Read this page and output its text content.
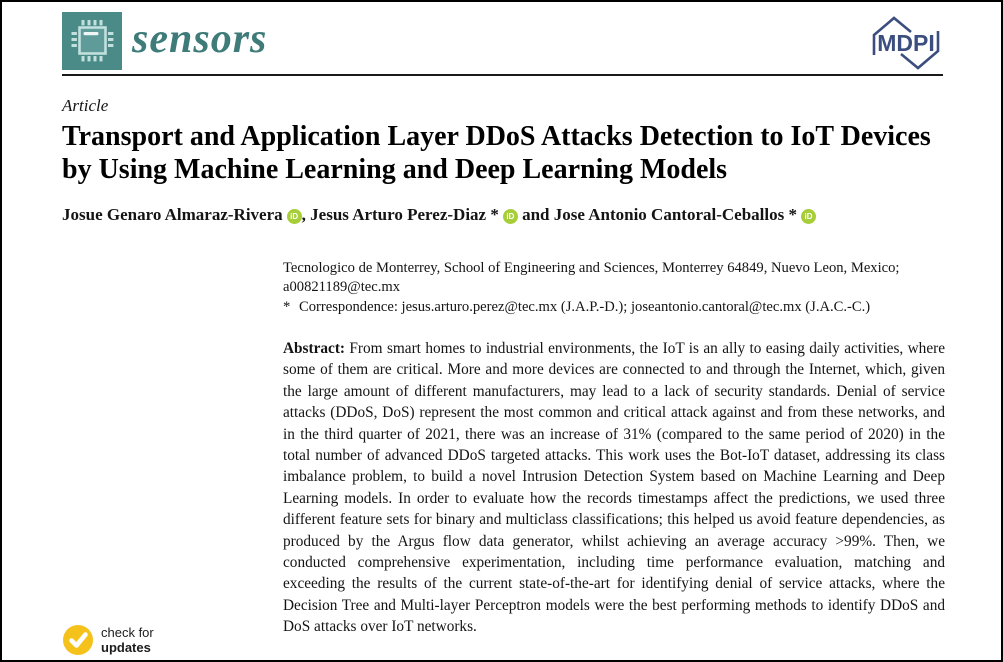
sensors	MDPI
Article
Transport and Application Layer DDoS Attacks Detection to IoT Devices by Using Machine Learning and Deep Learning Models
Josue Genaro Almaraz-Rivera iD , Jesus Arturo Perez-Diaz * iD and Jose Antonio Cantoral-Ceballos * iD
Tecnologico de Monterrey, School of Engineering and Sciences, Monterrey 64849, Nuevo Leon, Mexico;
a00821189@tec.mx
* Correspondence: jesus.arturo.perez@tec.mx (J.A.P.-D.); joseantonio.cantoral@tec.mx (J.A.C.-C.)
Abstract: From smart homes to industrial environments, the IoT is an ally to easing daily activities, where some of them are critical. More and more devices are connected to and through the Internet, which, given the large amount of different manufacturers, may lead to a lack of security standards. Denial of service attacks (DDoS, DoS) represent the most common and critical attack against and from these networks, and in the third quarter of 2021, there was an increase of 31% (compared to the same period of 2020) in the total number of advanced DDoS targeted attacks. This work uses the Bot-IoT dataset, addressing its class imbalance problem, to build a novel Intrusion Detection System based on Machine Learning and Deep Learning models. In order to evaluate how the records timestamps affect the predictions, we used three different feature sets for binary and multiclass classifications; this helped us avoid feature dependencies, as produced by the Argus flow data generator, whilst achieving an average accuracy >99%. Then, we conducted comprehensive experimentation, including time performance evaluation, matching and exceeding the results of the current state-of-the-art for identifying denial of service attacks, where the Decision Tree and Multi-layer Perceptron models were the best performing methods to identify DDoS and DoS attacks over IoT networks.
check for
updates
